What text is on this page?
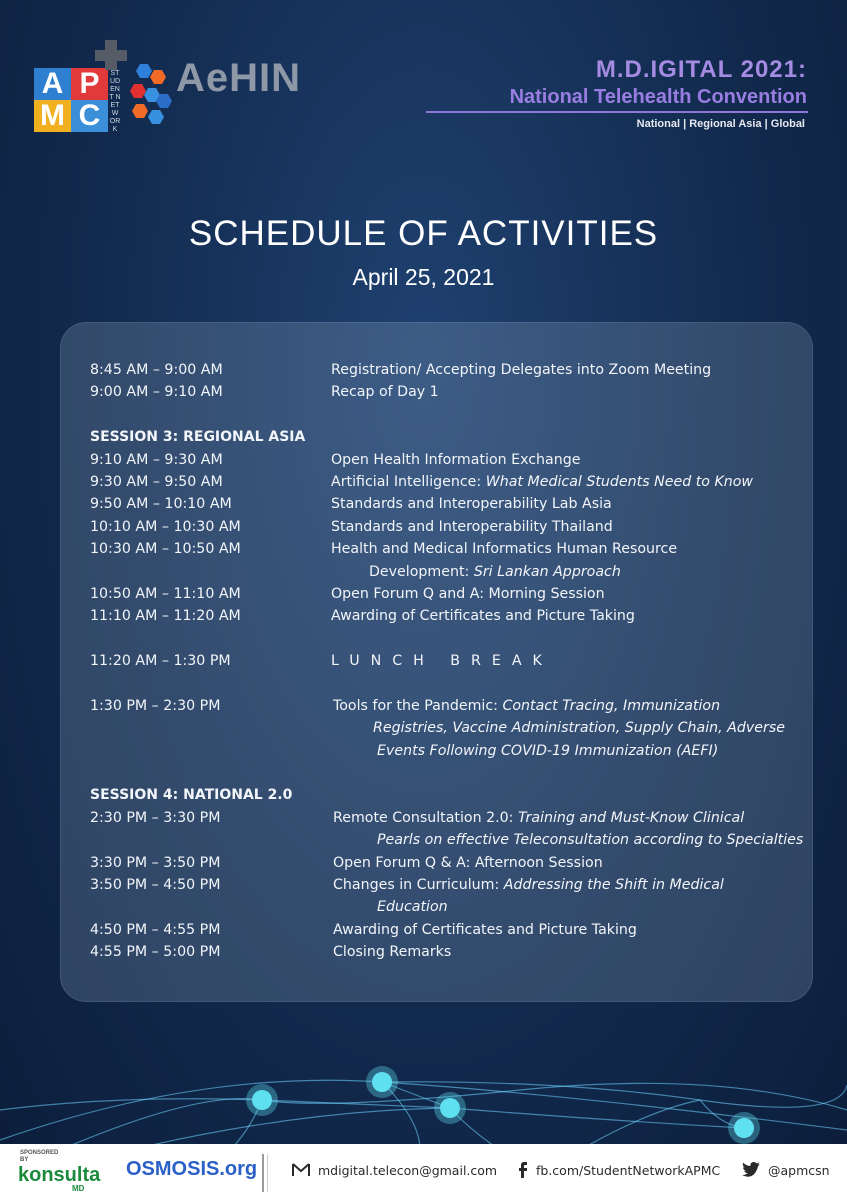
A P
M C
STUDENT NETWORK
AeHIN	M.D.IGITAL 2021:
National Telehealth Convention
National | Regional Asia | Global
SCHEDULE OF ACTIVITIES
April 25, 2021
8:45 AM – 9:00 AM	Registration/ Accepting Delegates into Zoom Meeting
9:00 AM – 9:10 AM	Recap of Day 1
SESSION 3: REGIONAL ASIA
9:10 AM – 9:30 AM	Open Health Information Exchange
9:30 AM – 9:50 AM	Artificial Intelligence: What Medical Students Need to Know
9:50 AM – 10:10 AM	Standards and Interoperability Lab Asia
10:10 AM – 10:30 AM	Standards and Interoperability Thailand
10:30 AM – 10:50 AM	Health and Medical Informatics Human Resource
Development: Sri Lankan Approach
10:50 AM – 11:10 AM	Open Forum Q and A: Morning Session
11:10 AM – 11:20 AM	Awarding of Certificates and Picture Taking
11:20 AM – 1:30 PM	LUNCH BREAK
1:30 PM – 2:30 PM	Tools for the Pandemic: Contact Tracing, Immunization
Registries, Vaccine Administration, Supply Chain, Adverse
Events Following COVID-19 Immunization (AEFI)
SESSION 4: NATIONAL 2.0
2:30 PM – 3:30 PM	Remote Consultation 2.0: Training and Must-Know Clinical
Pearls on effective Teleconsultation according to Specialties
3:30 PM – 3:50 PM	Open Forum Q & A: Afternoon Session
3:50 PM – 4:50 PM	Changes in Curriculum: Addressing the Shift in Medical
Education
4:50 PM – 4:55 PM	Awarding of Certificates and Picture Taking
4:55 PM – 5:00 PM	Closing Remarks
SPONSORED BY
konsulta
MD
OSMOSIS.org	mdigital.telecon@gmail.com	fb.com/StudentNetworkAPMC	@apmcsn
